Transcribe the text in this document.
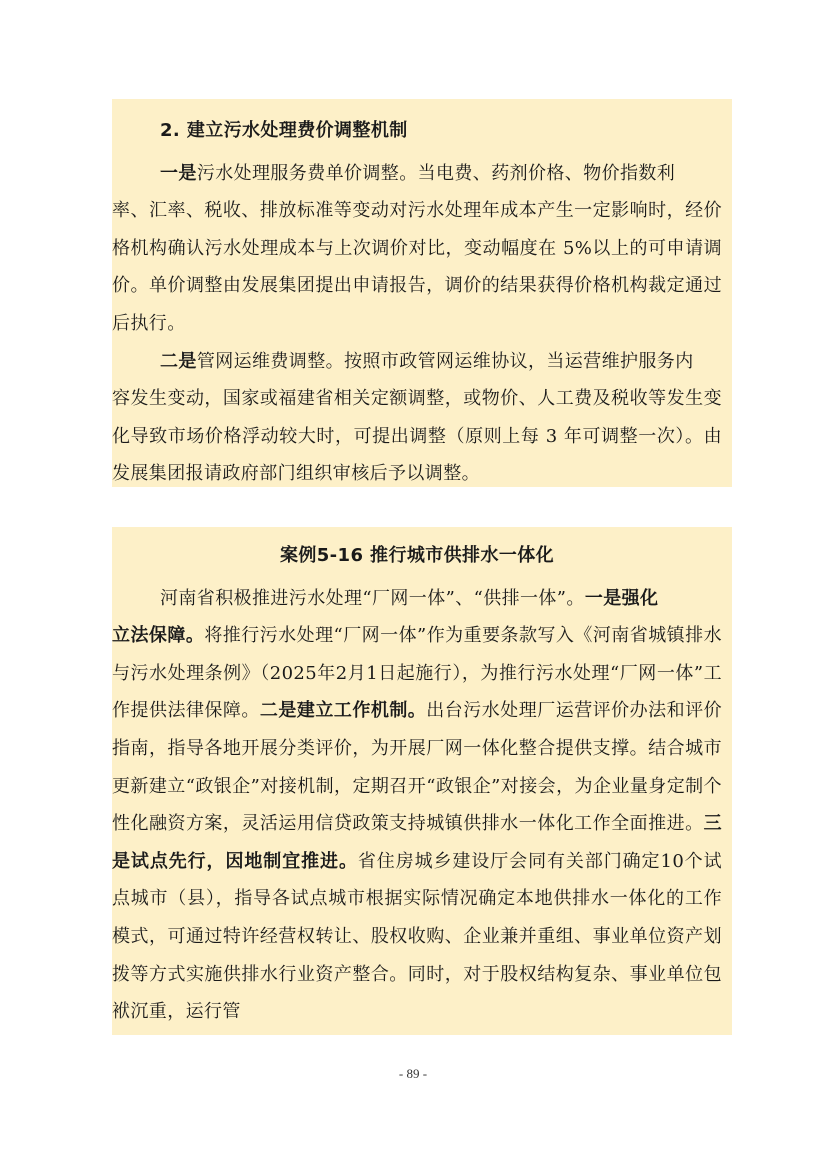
2. 建立污水处理费价调整机制

一是污水处理服务费单价调整。当电费、药剂价格、物价指数利

率、汇率、税收、排放标准等变动对污水处理年成本产生一定影响时，经价格机构确认污水处理成本与上次调价对比，变动幅度在 5%以上的可申请调价。单价调整由发展集团提出申请报告，调价的结果获得价格机构裁定通过后执行。

二是管网运维费调整。按照市政管网运维协议，当运营维护服务内

容发生变动，国家或福建省相关定额调整，或物价、人工费及税收等发生变化导致市场价格浮动较大时，可提出调整（原则上每 3 年可调整一次）。由发展集团报请政府部门组织审核后予以调整。

案例5-16 推行城市供排水一体化

河南省积极推进污水处理“厂网一体”、“供排一体”。一是强化

立法保障。将推行污水处理“厂网一体”作为重要条款写入《河南省城镇排水与污水处理条例》（2025年2月1日起施行），为推行污水处理“厂网一体”工作提供法律保障。二是建立工作机制。出台污水处理厂运营评价办法和评价指南，指导各地开展分类评价，为开展厂网一体化整合提供支撑。结合城市更新建立“政银企”对接机制，定期召开“政银企”对接会，为企业量身定制个性化融资方案，灵活运用信贷政策支持城镇供排水一体化工作全面推进。三是试点先行，因地制宜推进。省住房城乡建设厅会同有关部门确定10个试点城市（县），指导各试点城市根据实际情况确定本地供排水一体化的工作模式，可通过特许经营权转让、股权收购、企业兼并重组、事业单位资产划拨等方式实施供排水行业资产整合。同时，对于股权结构复杂、事业单位包袱沉重，运行管

- 89 -
